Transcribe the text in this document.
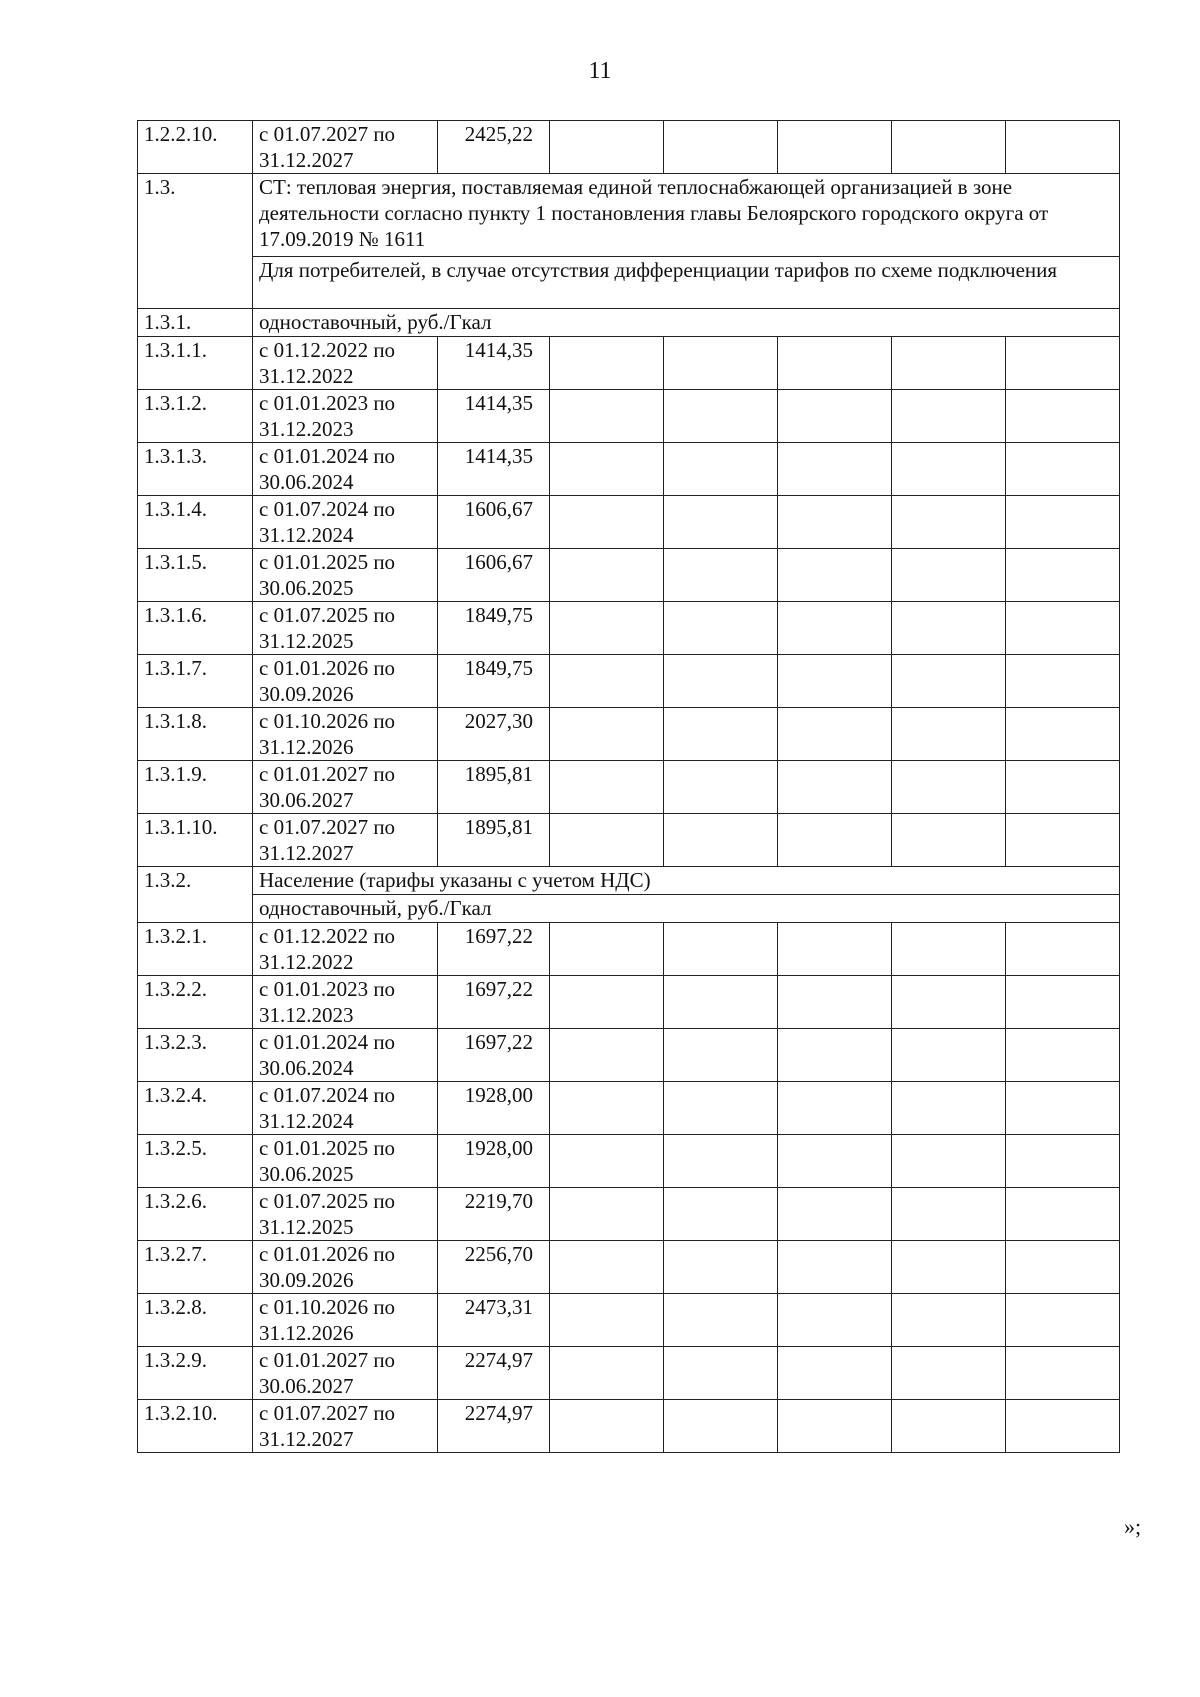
11
1.2.2.10.	с 01.07.2027 по 31.12.2027	2425,22					
1.3.	СТ: тепловая энергия, поставляемая единой теплоснабжающей организацией в зоне деятельности согласно пункту 1 постановления главы Белоярского городского округа от 17.09.2019 № 1611						
	Для потребителей, в случае отсутствия дифференциации тарифов по схеме подключения						
1.3.1.	одноставочный, руб./Гкал						
1.3.1.1.	с 01.12.2022 по 31.12.2022	1414,35					
1.3.1.2.	с 01.01.2023 по 31.12.2023	1414,35					
1.3.1.3.	с 01.01.2024 по 30.06.2024	1414,35					
1.3.1.4.	с 01.07.2024 по 31.12.2024	1606,67					
1.3.1.5.	с 01.01.2025 по 30.06.2025	1606,67					
1.3.1.6.	с 01.07.2025 по 31.12.2025	1849,75					
1.3.1.7.	с 01.01.2026 по 30.09.2026	1849,75					
1.3.1.8.	с 01.10.2026 по 31.12.2026	2027,30					
1.3.1.9.	с 01.01.2027 по 30.06.2027	1895,81					
1.3.1.10.	с 01.07.2027 по 31.12.2027	1895,81					
1.3.2.	Население (тарифы указаны с учетом НДС)						
	одноставочный, руб./Гкал						
1.3.2.1.	с 01.12.2022 по 31.12.2022	1697,22					
1.3.2.2.	с 01.01.2023 по 31.12.2023	1697,22					
1.3.2.3.	с 01.01.2024 по 30.06.2024	1697,22					
1.3.2.4.	с 01.07.2024 по 31.12.2024	1928,00					
1.3.2.5.	с 01.01.2025 по 30.06.2025	1928,00					
1.3.2.6.	с 01.07.2025 по 31.12.2025	2219,70					
1.3.2.7.	с 01.01.2026 по 30.09.2026	2256,70					
1.3.2.8.	с 01.10.2026 по 31.12.2026	2473,31					
1.3.2.9.	с 01.01.2027 по 30.06.2027	2274,97					
1.3.2.10.	с 01.07.2027 по 31.12.2027	2274,97					
»;
